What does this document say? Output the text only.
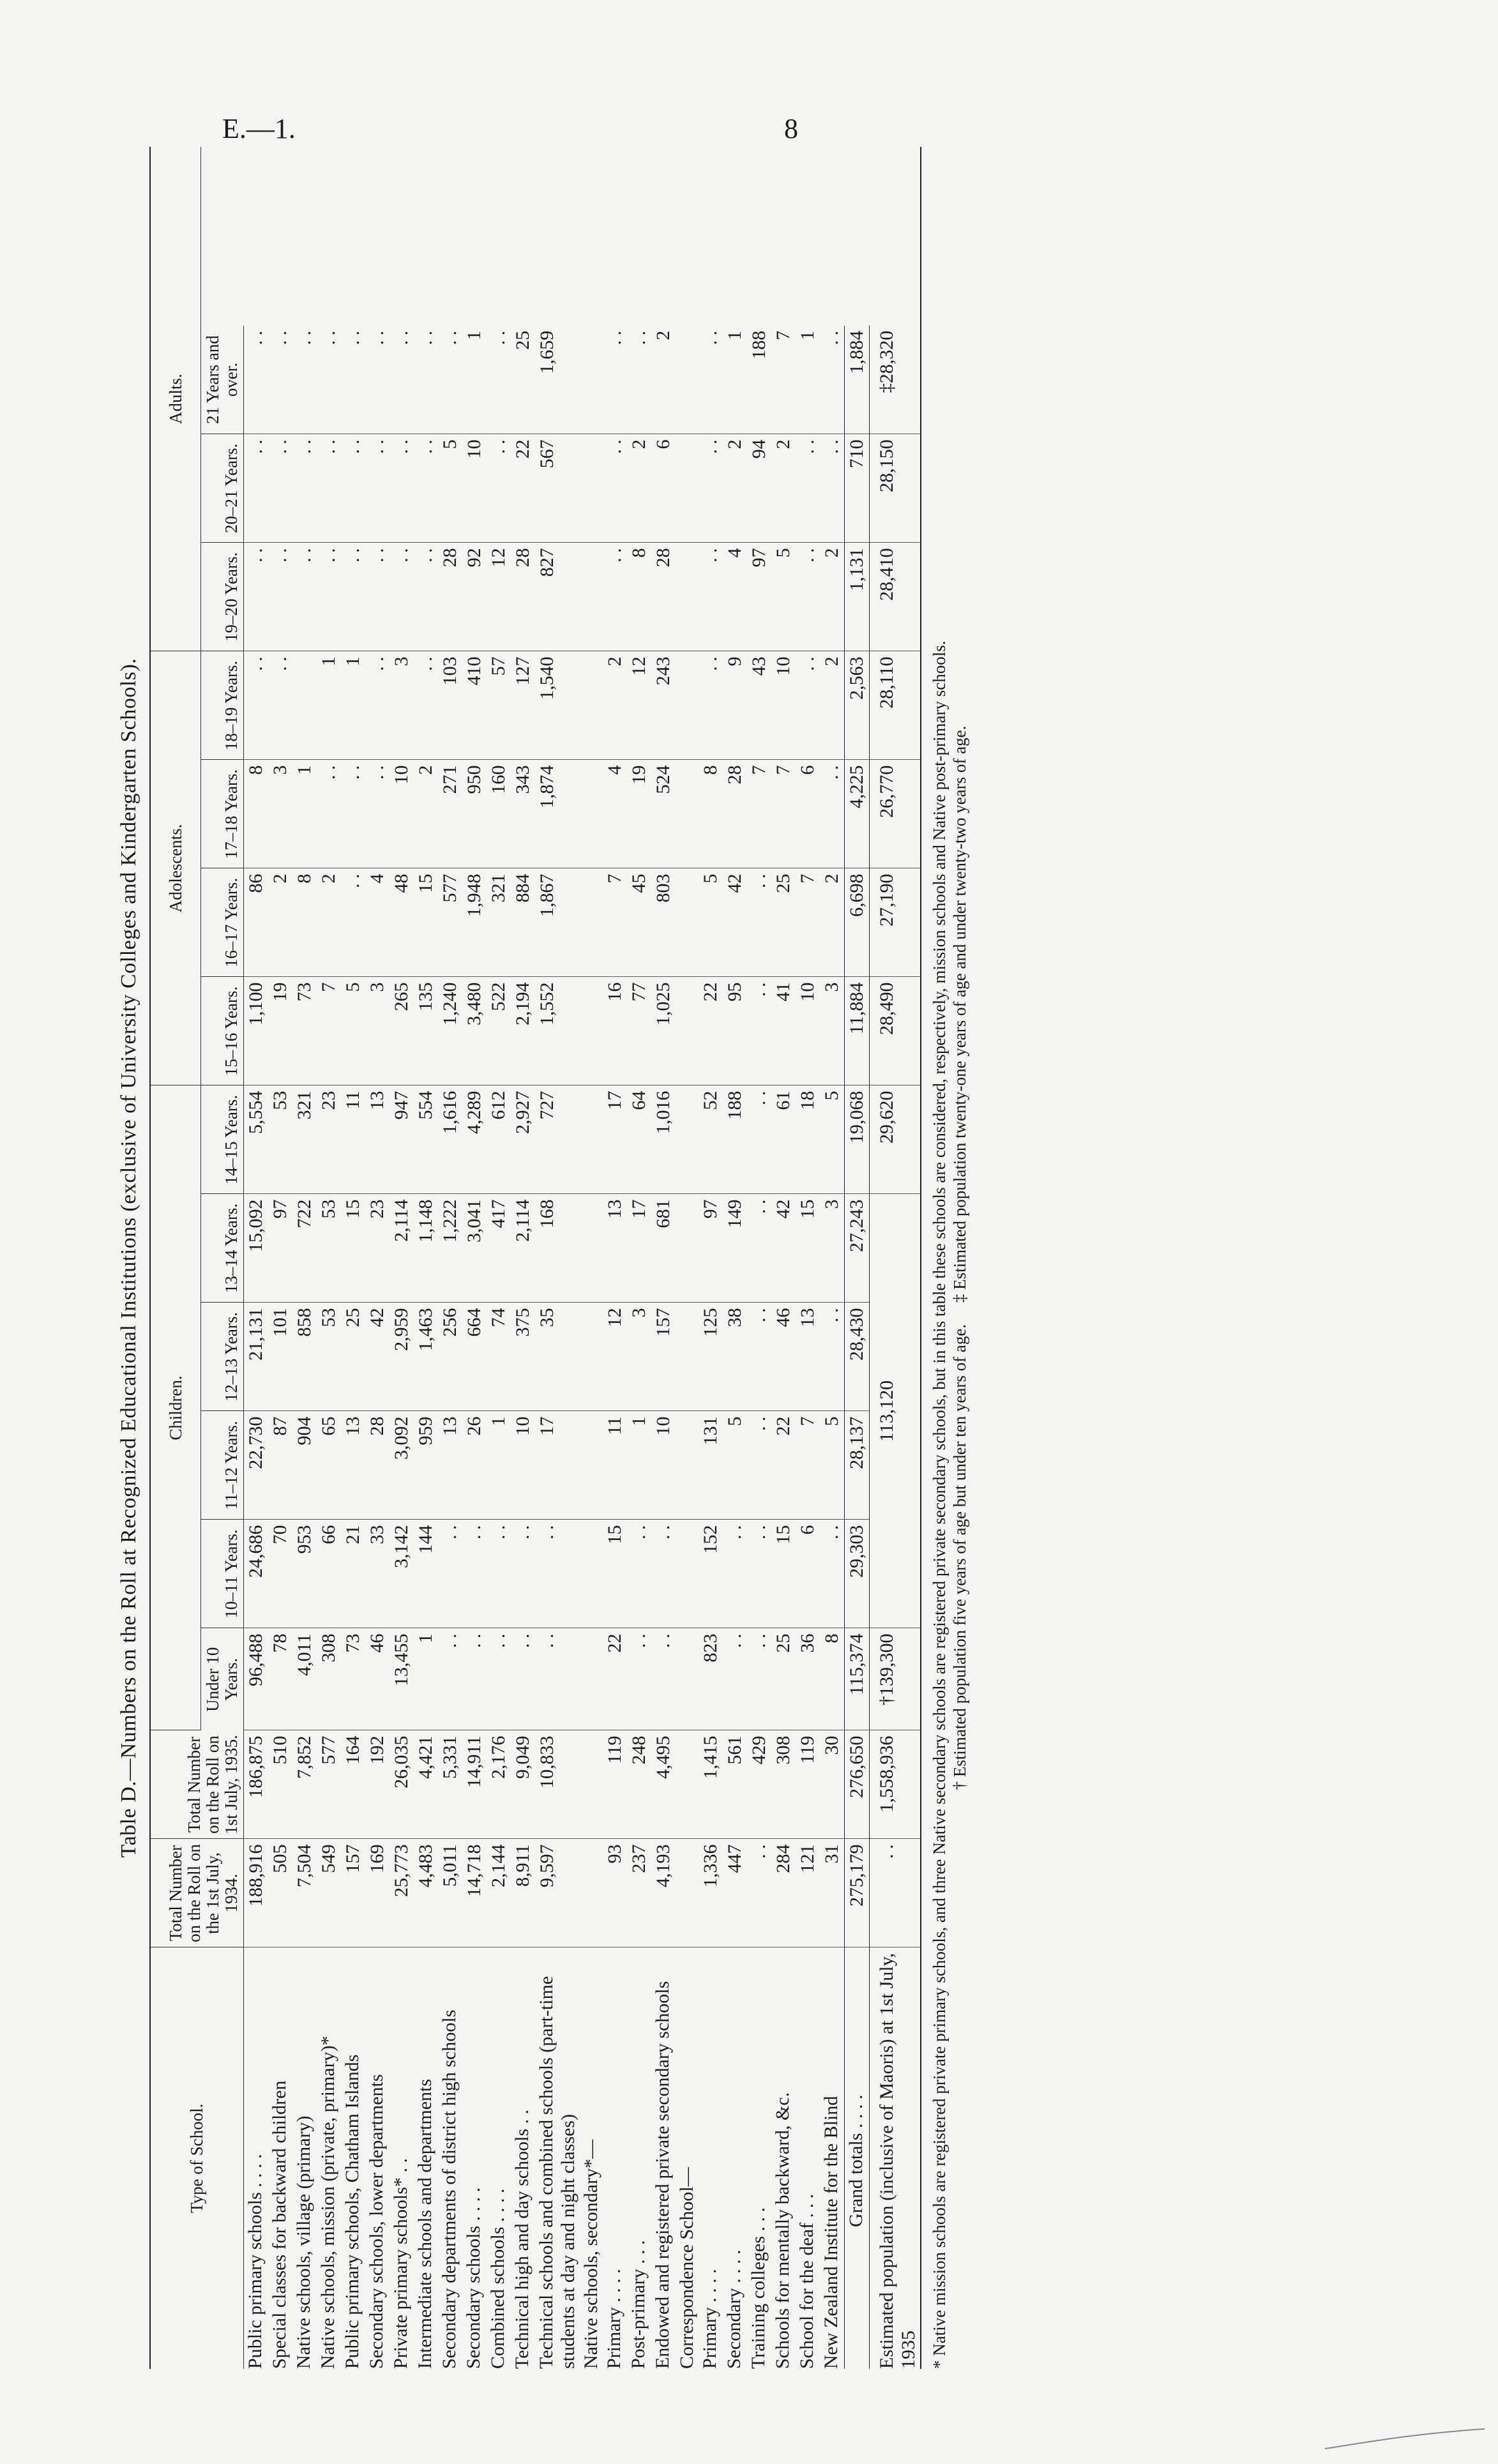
E.—1.	8
Table D.—Numbers on the Roll at Recognized Educational Institutions (exclusive of University Colleges and Kindergarten Schools).
Type of School.	Total Number on the Roll on the 1st July, 1934.	Total Number on the Roll on 1st July, 1935.	Children.						Adolescents.				Adults.		
			Under 10 Years.	10–11 Years.	11–12 Years.	12–13 Years.	13–14 Years.	14–15 Years.	15–16 Years.	16–17 Years.	17–18 Years.	18–19 Years.	19–20 Years.	20–21 Years.	21 Years and over.
Public primary schools . . . .	188,916	186,875	96,488	24,686	22,730	21,131	15,092	5,554	1,100	86	8	. .	. .	. .	. .
Special classes for backward children	505	510	78	70	87	101	97	53	19	2	3	. .	. .	. .	. .
Native schools, village (primary)	7,504	7,852	4,011	953	904	858	722	321	73	8	1		. .	. .	. .
Native schools, mission (private, primary)*	549	577	308	66	65	53	53	23	7	2	. .	1	. .	. .	. .
Public primary schools, Chatham Islands	157	164	73	21	13	25	15	11	5	. .	. .	1	. .	. .	. .
Secondary schools, lower departments	169	192	46	33	28	42	23	13	3	4	. .	. .	. .	. .	. .
Private primary schools* . .	25,773	26,035	13,455	3,142	3,092	2,959	2,114	947	265	48	10	3	. .	. .	. .
Intermediate schools and departments	4,483	4,421	1	144	959	1,463	1,148	554	135	15	2	. .	. .	. .	. .
Secondary departments of district high schools	5,011	5,331	. .	. .	13	256	1,222	1,616	1,240	577	271	103	28	5	. .
Secondary schools . . . .	14,718	14,911	. .	. .	26	664	3,041	4,289	3,480	1,948	950	410	92	10	1
Combined schools . . . .	2,144	2,176	. .	. .	1	74	417	612	522	321	160	57	12	. .	. .
Technical high and day schools . .	8,911	9,049	. .	. .	10	375	2,114	2,927	2,194	884	343	127	28	22	25
Technical schools and combined schools (part-time students at day and night classes)	9,597	10,833	. .	. .	17	35	168	727	1,552	1,867	1,874	1,540	827	567	1,659
Native schools, secondary*—															
Primary . . . .	93	119	22	15	11	12	13	17	16	7	4	2	. .	. .	. .
Post-primary . . .	237	248	. .	. .	1	3	17	64	77	45	19	12	8	2	. .
Endowed and registered private secondary schools	4,193	4,495	. .	. .	10	157	681	1,016	1,025	803	524	243	28	6	2
Correspondence School—															
Primary . . . .	1,336	1,415	823	152	131	125	97	52	22	5	8	. .	. .	. .	. .
Secondary . . . .	447	561	. .	. .	5	38	149	188	95	42	28	9	4	2	1
Training colleges . . .	. .	429	. .	. .	. .	. .	. .	. .	. .	. .	7	43	97	94	188
Schools for mentally backward, &c.	284	308	25	15	22	46	42	61	41	25	7	10	5	2	7
School for the deaf . . .	121	119	36	6	7	13	15	18	10	7	6	. .	. .	. .	1
New Zealand Institute for the Blind	31	30	8	. .	5	. .	3	5	3	2	. .	2	2	. .	. .
Grand totals . . . .	275,179	276,650	115,374	29,303	28,137	28,430	27,243	19,068	11,884	6,698	4,225	2,563	1,131	710	1,884
Estimated population (inclusive of Maoris) at 1st July, 1935	. .	1,558,936	†139,300	113,120				29,620	28,490	27,190	26,770	28,110	28,410	28,150	‡28,320

* Native mission schools are registered private primary schools, and three Native secondary schools are registered private secondary schools, but in this table these schools are considered, respectively, mission schools and Native post-primary schools. † Estimated population five years of age but under ten years of age.     ‡ Estimated population twenty-one years of age and under twenty-two years of age.
